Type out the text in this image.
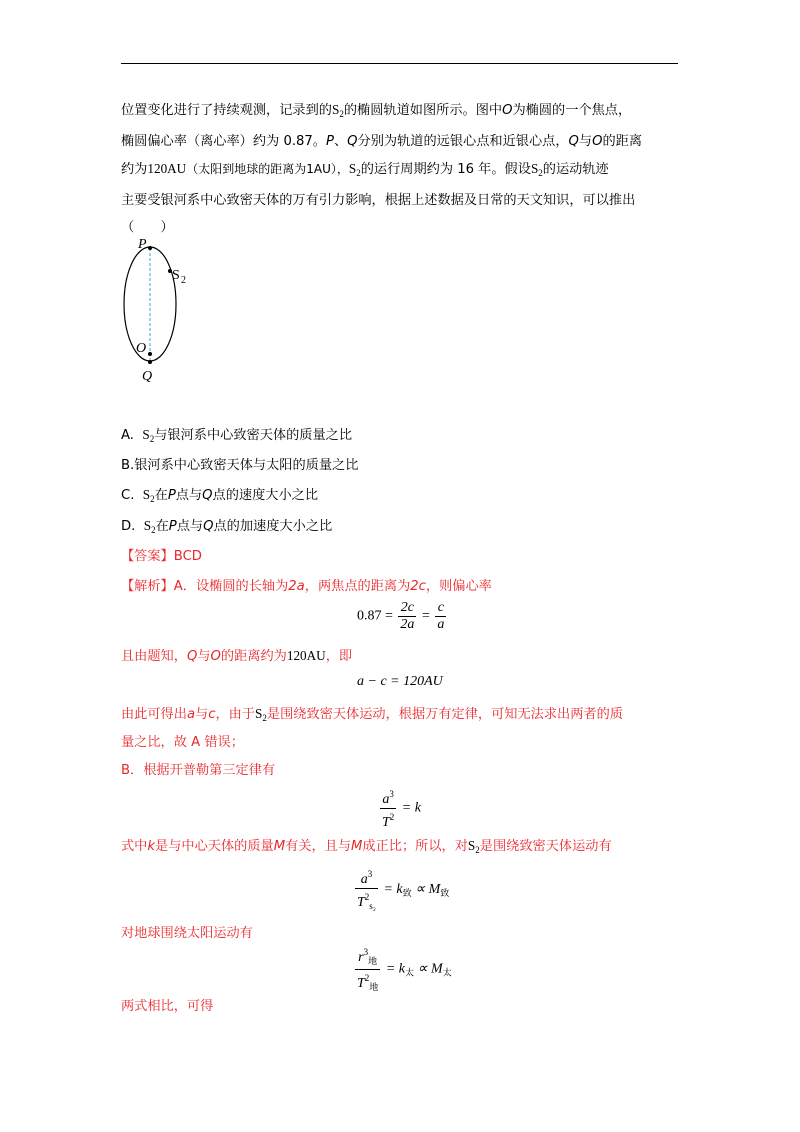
位置变化进行了持续观测，记录到的$S_2$的椭圆轨道如图所示。图中O为椭圆的一个焦点，
椭圆偏心率（离心率）约为 0.87。P、Q分别为轨道的远银心点和近银心点，Q与O的距离
约为120AU（太阳到地球的距离为1AU），$S_2$的运行周期约为 16 年。假设$S_2$的运动轨迹
主要受银河系中心致密天体的万有引力影响，根据上述数据及日常的天文知识，可以推出
（　　）
P
S 2
O
Q
A. $S_2$与银河系中心致密天体的质量之比
B.银河系中心致密天体与太阳的质量之比
C. $S_2$在P点与Q点的速度大小之比
D. $S_2$在P点与Q点的加速度大小之比
【答案】BCD
【解析】A．设椭圆的长轴为2a，两焦点的距离为2c，则偏心率
$0.87 = \frac{2c}{2a} = \frac{c}{a}$
且由题知，Q与O的距离约为120AU，即
a − c = 120AU
由此可得出a与c，由于$S_2$是围绕致密天体运动，根据万有定律，可知无法求出两者的质
量之比，故 A 错误；
B．根据开普勒第三定律有
$\frac{a^3}{T^2} = k$
式中k是与中心天体的质量M有关，且与M成正比；所以，对$S_2$是围绕致密天体运动有
$\frac{a^3}{T^2_{s_2}} = k_致 \propto M_致$
对地球围绕太阳运动有
$\frac{r^3_地}{T^2_地} = k_太 \propto M_太$
两式相比，可得
